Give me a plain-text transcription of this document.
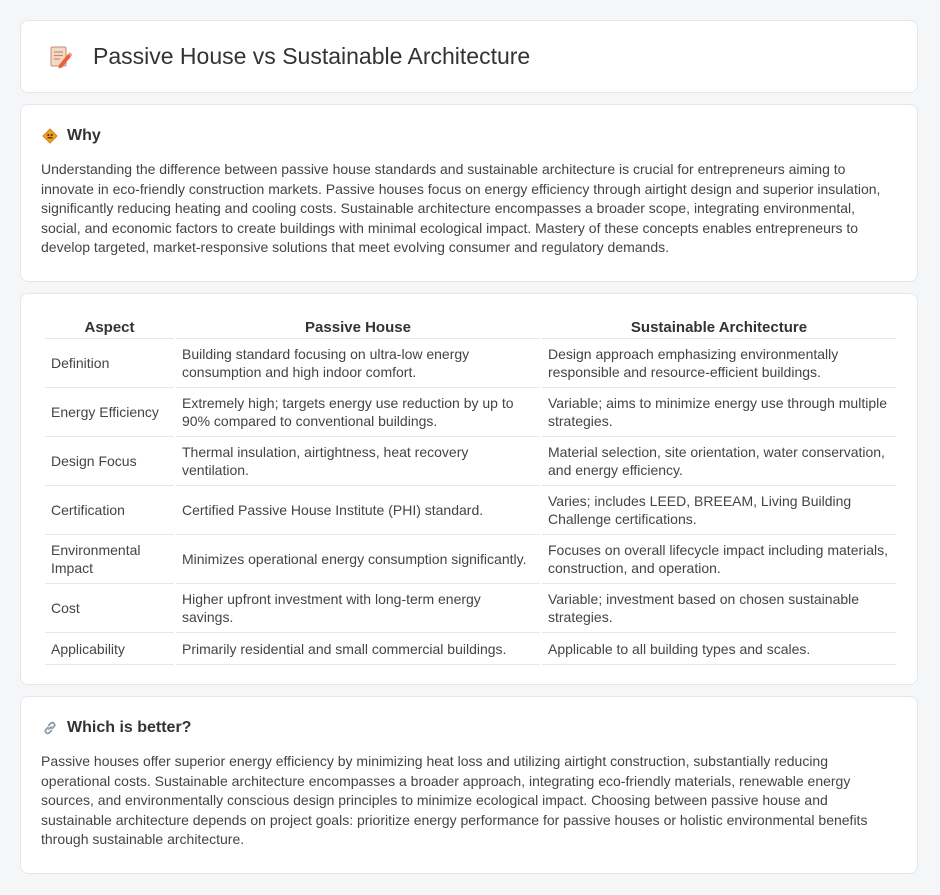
Passive House vs Sustainable Architecture
Why

Understanding the difference between passive house standards and sustainable architecture is crucial for entrepreneurs aiming to innovate in eco-friendly construction markets. Passive houses focus on energy efficiency through airtight design and superior insulation, significantly reducing heating and cooling costs. Sustainable architecture encompasses a broader scope, integrating environmental, social, and economic factors to create buildings with minimal ecological impact. Mastery of these concepts enables entrepreneurs to develop targeted, market-responsive solutions that meet evolving consumer and regulatory demands.

Aspect	Passive House	Sustainable Architecture
Definition	Building standard focusing on ultra-low energy consumption and high indoor comfort.	Design approach emphasizing environmentally responsible and resource-efficient buildings.
Energy Efficiency	Extremely high; targets energy use reduction by up to 90% compared to conventional buildings.	Variable; aims to minimize energy use through multiple strategies.
Design Focus	Thermal insulation, airtightness, heat recovery ventilation.	Material selection, site orientation, water conservation, and energy efficiency.
Certification	Certified Passive House Institute (PHI) standard.	Varies; includes LEED, BREEAM, Living Building Challenge certifications.
Environmental Impact	Minimizes operational energy consumption significantly.	Focuses on overall lifecycle impact including materials, construction, and operation.
Cost	Higher upfront investment with long-term energy savings.	Variable; investment based on chosen sustainable strategies.
Applicability	Primarily residential and small commercial buildings.	Applicable to all building types and scales.
Which is better?

Passive houses offer superior energy efficiency by minimizing heat loss and utilizing airtight construction, substantially reducing operational costs. Sustainable architecture encompasses a broader approach, integrating eco-friendly materials, renewable energy sources, and environmentally conscious design principles to minimize ecological impact. Choosing between passive house and sustainable architecture depends on project goals: prioritize energy performance for passive houses or holistic environmental benefits through sustainable architecture.
